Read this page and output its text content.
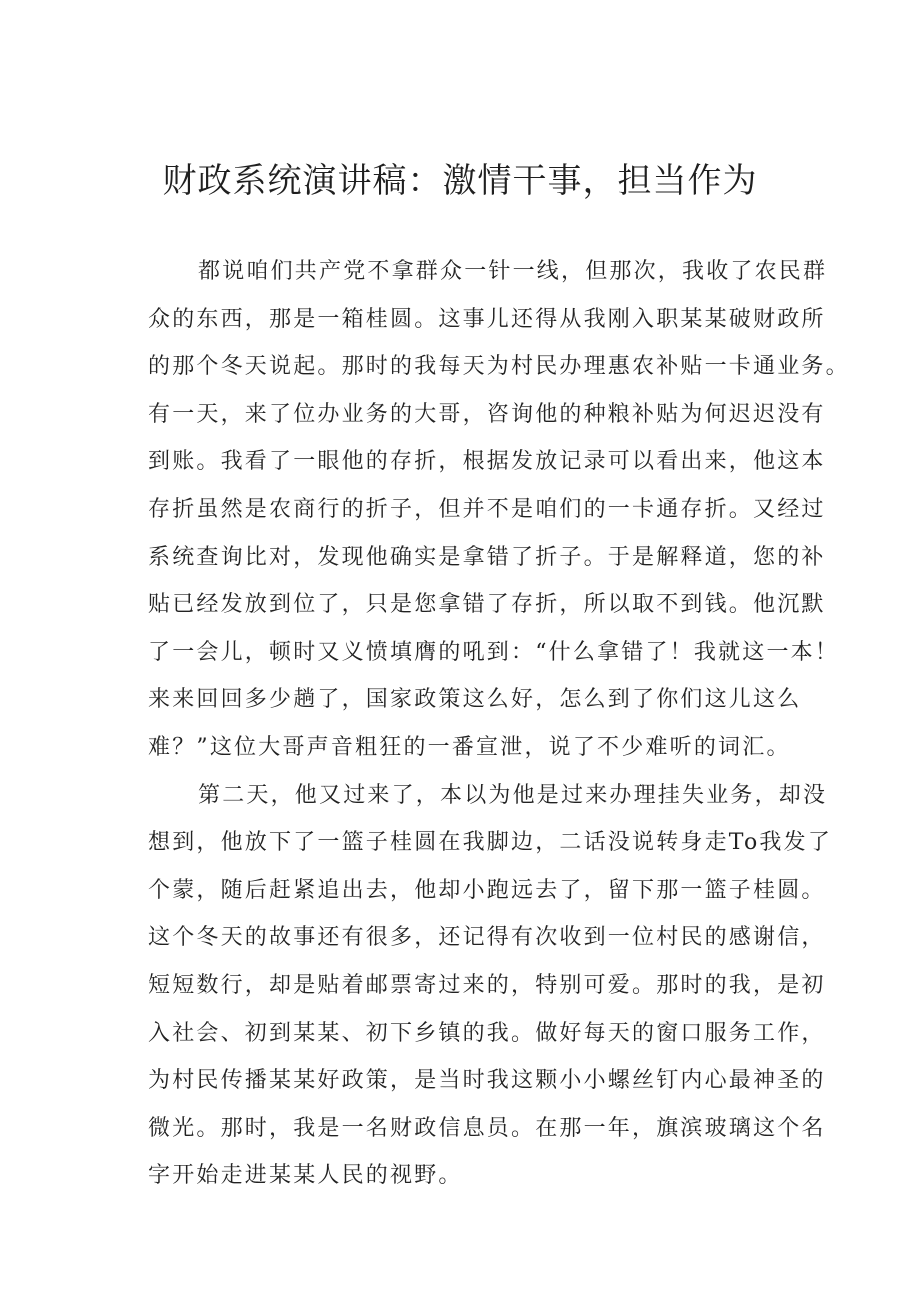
财政系统演讲稿：激情干事，担当作为
都说咱们共产党不拿群众一针一线，但那次，我收了农民群
众的东西，那是一箱桂圆。这事儿还得从我刚入职某某破财政所
的那个冬天说起。那时的我每天为村民办理惠农补贴一卡通业务。
有一天，来了位办业务的大哥，咨询他的种粮补贴为何迟迟没有
到账。我看了一眼他的存折，根据发放记录可以看出来，他这本
存折虽然是农商行的折子，但并不是咱们的一卡通存折。又经过
系统查询比对，发现他确实是拿错了折子。于是解释道，您的补
贴已经发放到位了，只是您拿错了存折，所以取不到钱。他沉默
了一会儿，顿时又义愤填膺的吼到：“什么拿错了！我就这一本！
来来回回多少趟了，国家政策这么好，怎么到了你们这儿这么
难？”这位大哥声音粗狂的一番宣泄，说了不少难听的词汇。
第二天，他又过来了，本以为他是过来办理挂失业务，却没
想到，他放下了一篮子桂圆在我脚边，二话没说转身走To我发了
个蒙，随后赶紧追出去，他却小跑远去了，留下那一篮子桂圆。
这个冬天的故事还有很多，还记得有次收到一位村民的感谢信，
短短数行，却是贴着邮票寄过来的，特别可爱。那时的我，是初
入社会、初到某某、初下乡镇的我。做好每天的窗口服务工作，
为村民传播某某好政策，是当时我这颗小小螺丝钉内心最神圣的
微光。那时，我是一名财政信息员。在那一年，旗滨玻璃这个名
字开始走进某某人民的视野。
